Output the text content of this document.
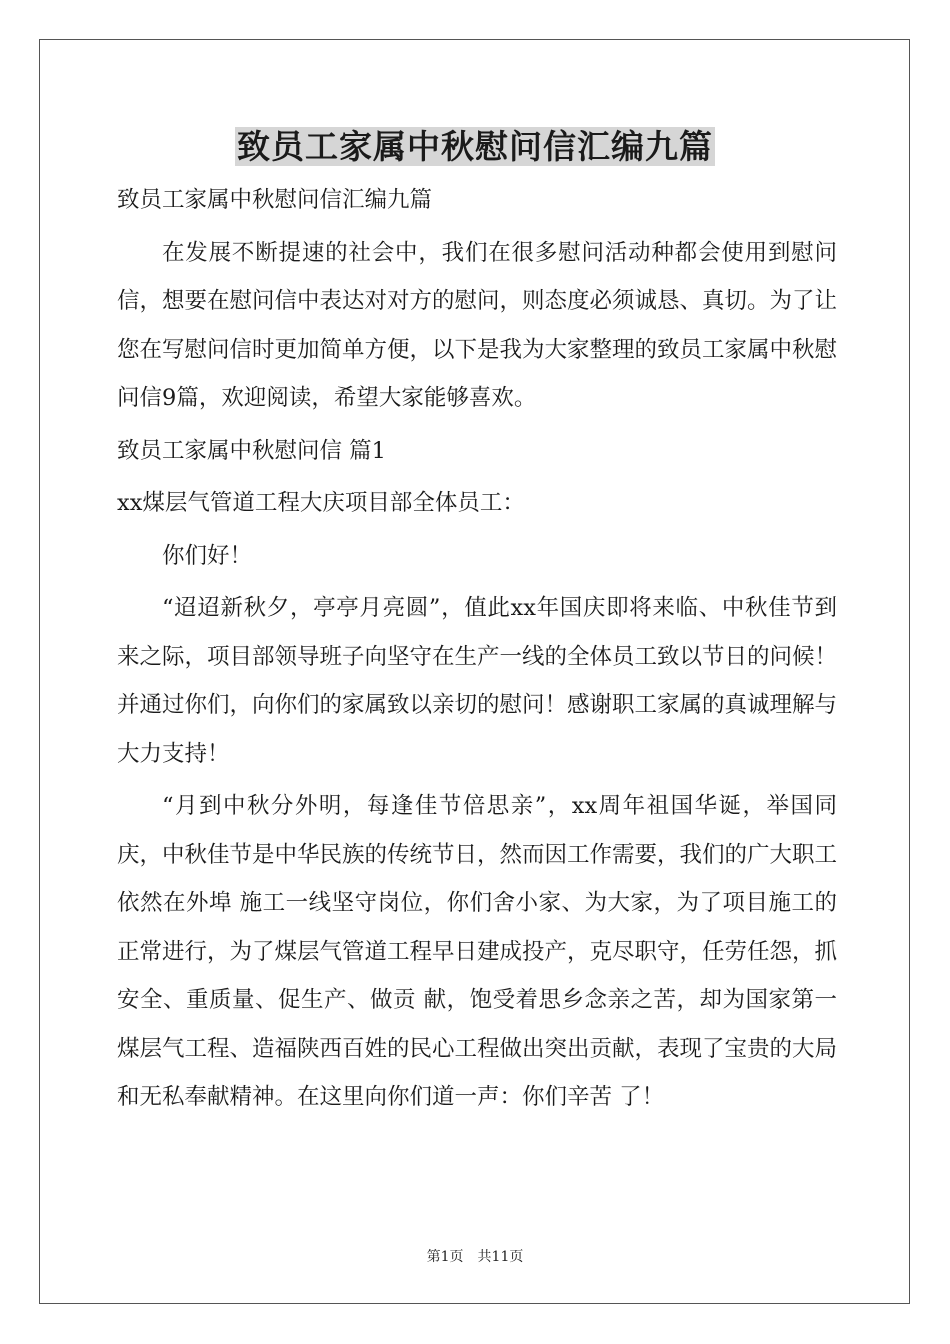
致员工家属中秋慰问信汇编九篇

致员工家属中秋慰问信汇编九篇

在发展不断提速的社会中，我们在很多慰问活动种都会使用到慰问信，想要在慰问信中表达对对方的慰问，则态度必须诚恳、真切。为了让您在写慰问信时更加简单方便，以下是我为大家整理的致员工家属中秋慰问信9篇，欢迎阅读，希望大家能够喜欢。

致员工家属中秋慰问信 篇1

xx煤层气管道工程大庆项目部全体员工：

你们好！

“迢迢新秋夕，亭亭月亮圆”，值此xx年国庆即将来临、中秋佳节到来之际，项目部领导班子向坚守在生产一线的全体员工致以节日的问候！并通过你们，向你们的家属致以亲切的慰问！感谢职工家属的真诚理解与大力支持！

“月到中秋分外明，每逢佳节倍思亲”，xx周年祖国华诞，举国同庆，中秋佳节是中华民族的传统节日，然而因工作需要，我们的广大职工依然在外埠 施工一线坚守岗位，你们舍小家、为大家，为了项目施工的正常进行，为了煤层气管道工程早日建成投产，克尽职守，任劳任怨，抓安全、重质量、促生产、做贡 献，饱受着思乡念亲之苦，却为国家第一煤层气工程、造福陕西百姓的民心工程做出突出贡献，表现了宝贵的大局和无私奉献精神。在这里向你们道一声：你们辛苦 了！

第1页 共11页
